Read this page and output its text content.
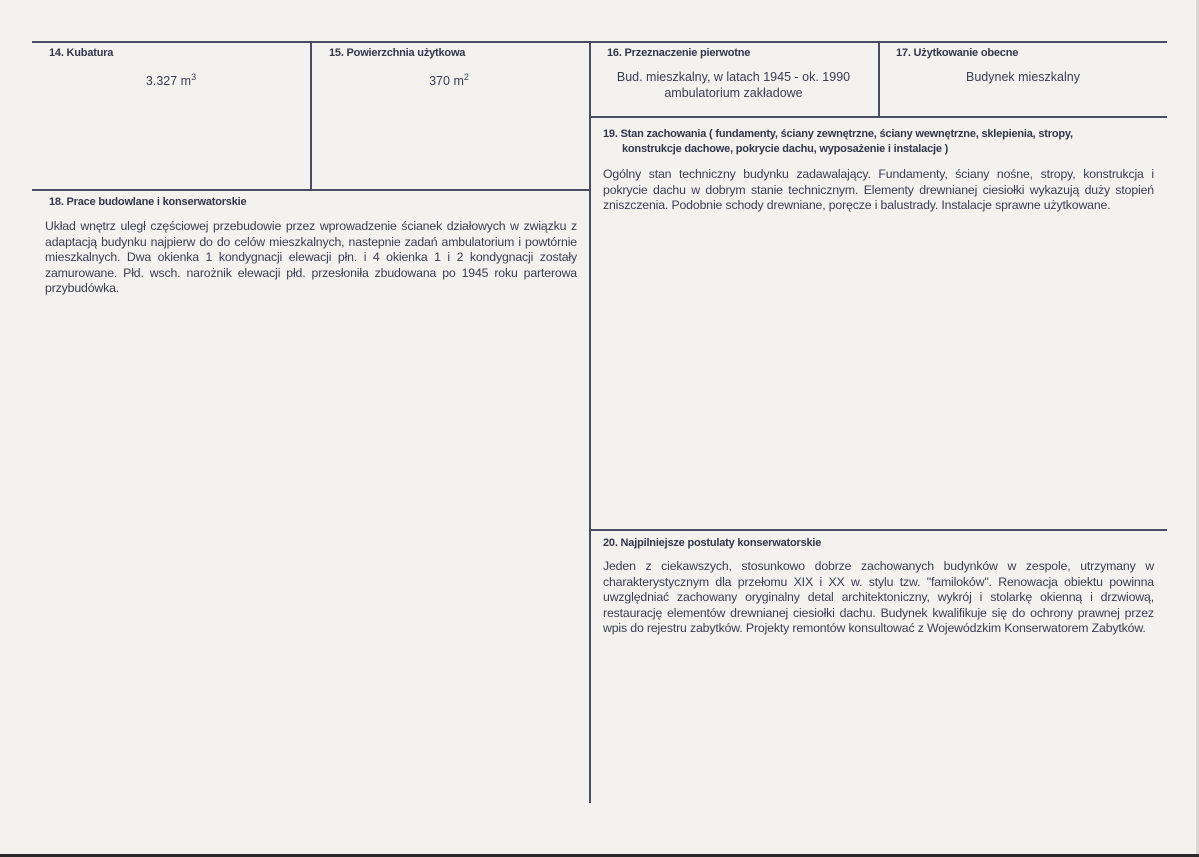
14. Kubatura
3.327 $m^3$
15. Powierzchnia użytkowa
370 $m^2$
16. Przeznaczenie pierwotne
Bud. mieszkalny, w latach 1945 - ok. 1990
ambulatorium zakładowe
17. Użytkowanie obecne
Budynek mieszkalny
19. Stan zachowania ( fundamenty, ściany zewnętrzne, ściany wewnętrzne, sklepienia, stropy,
konstrukcje dachowe, pokrycie dachu, wyposażenie i instalacje )
Ogólny stan techniczny budynku zadawalający. Fundamenty, ściany nośne, stropy, konstrukcja i pokrycie dachu w dobrym stanie technicznym. Elementy drewnianej ciesiołki wykazują duży stopień zniszczenia. Podobnie schody drewniane, poręcze i balustrady. Instalacje sprawne użytkowane.
18. Prace budowlane i konserwatorskie
Układ wnętrz uległ częściowej przebudowie przez wprowadzenie ścianek działowych w związku z adaptacją budynku najpierw do do celów mieszkalnych, nastepnie zadań ambulatorium i powtórnie mieszkalnych. Dwa okienka 1 kondygnacji elewacji płn. i 4 okienka 1 i 2 kondygnacji zostały zamurowane. Płd. wsch. narożnik elewacji płd. przesłoniła zbudowana po 1945 roku parterowa przybudówka.
20. Najpilniejsze postulaty konserwatorskie
Jeden z ciekawszych, stosunkowo dobrze zachowanych budynków w zespole, utrzymany w charakterystycznym dla przełomu XIX i XX w. stylu tzw. "familoków". Renowacja obiektu powinna uwzględniać zachowany oryginalny detal architektoniczny, wykrój i stolarkę okienną i drzwiową, restaurację elementów drewnianej ciesiołki dachu. Budynek kwalifikuje się do ochrony prawnej przez wpis do rejestru zabytków. Projekty remontów konsultować z Wojewódzkim Konserwatorem Zabytków.
